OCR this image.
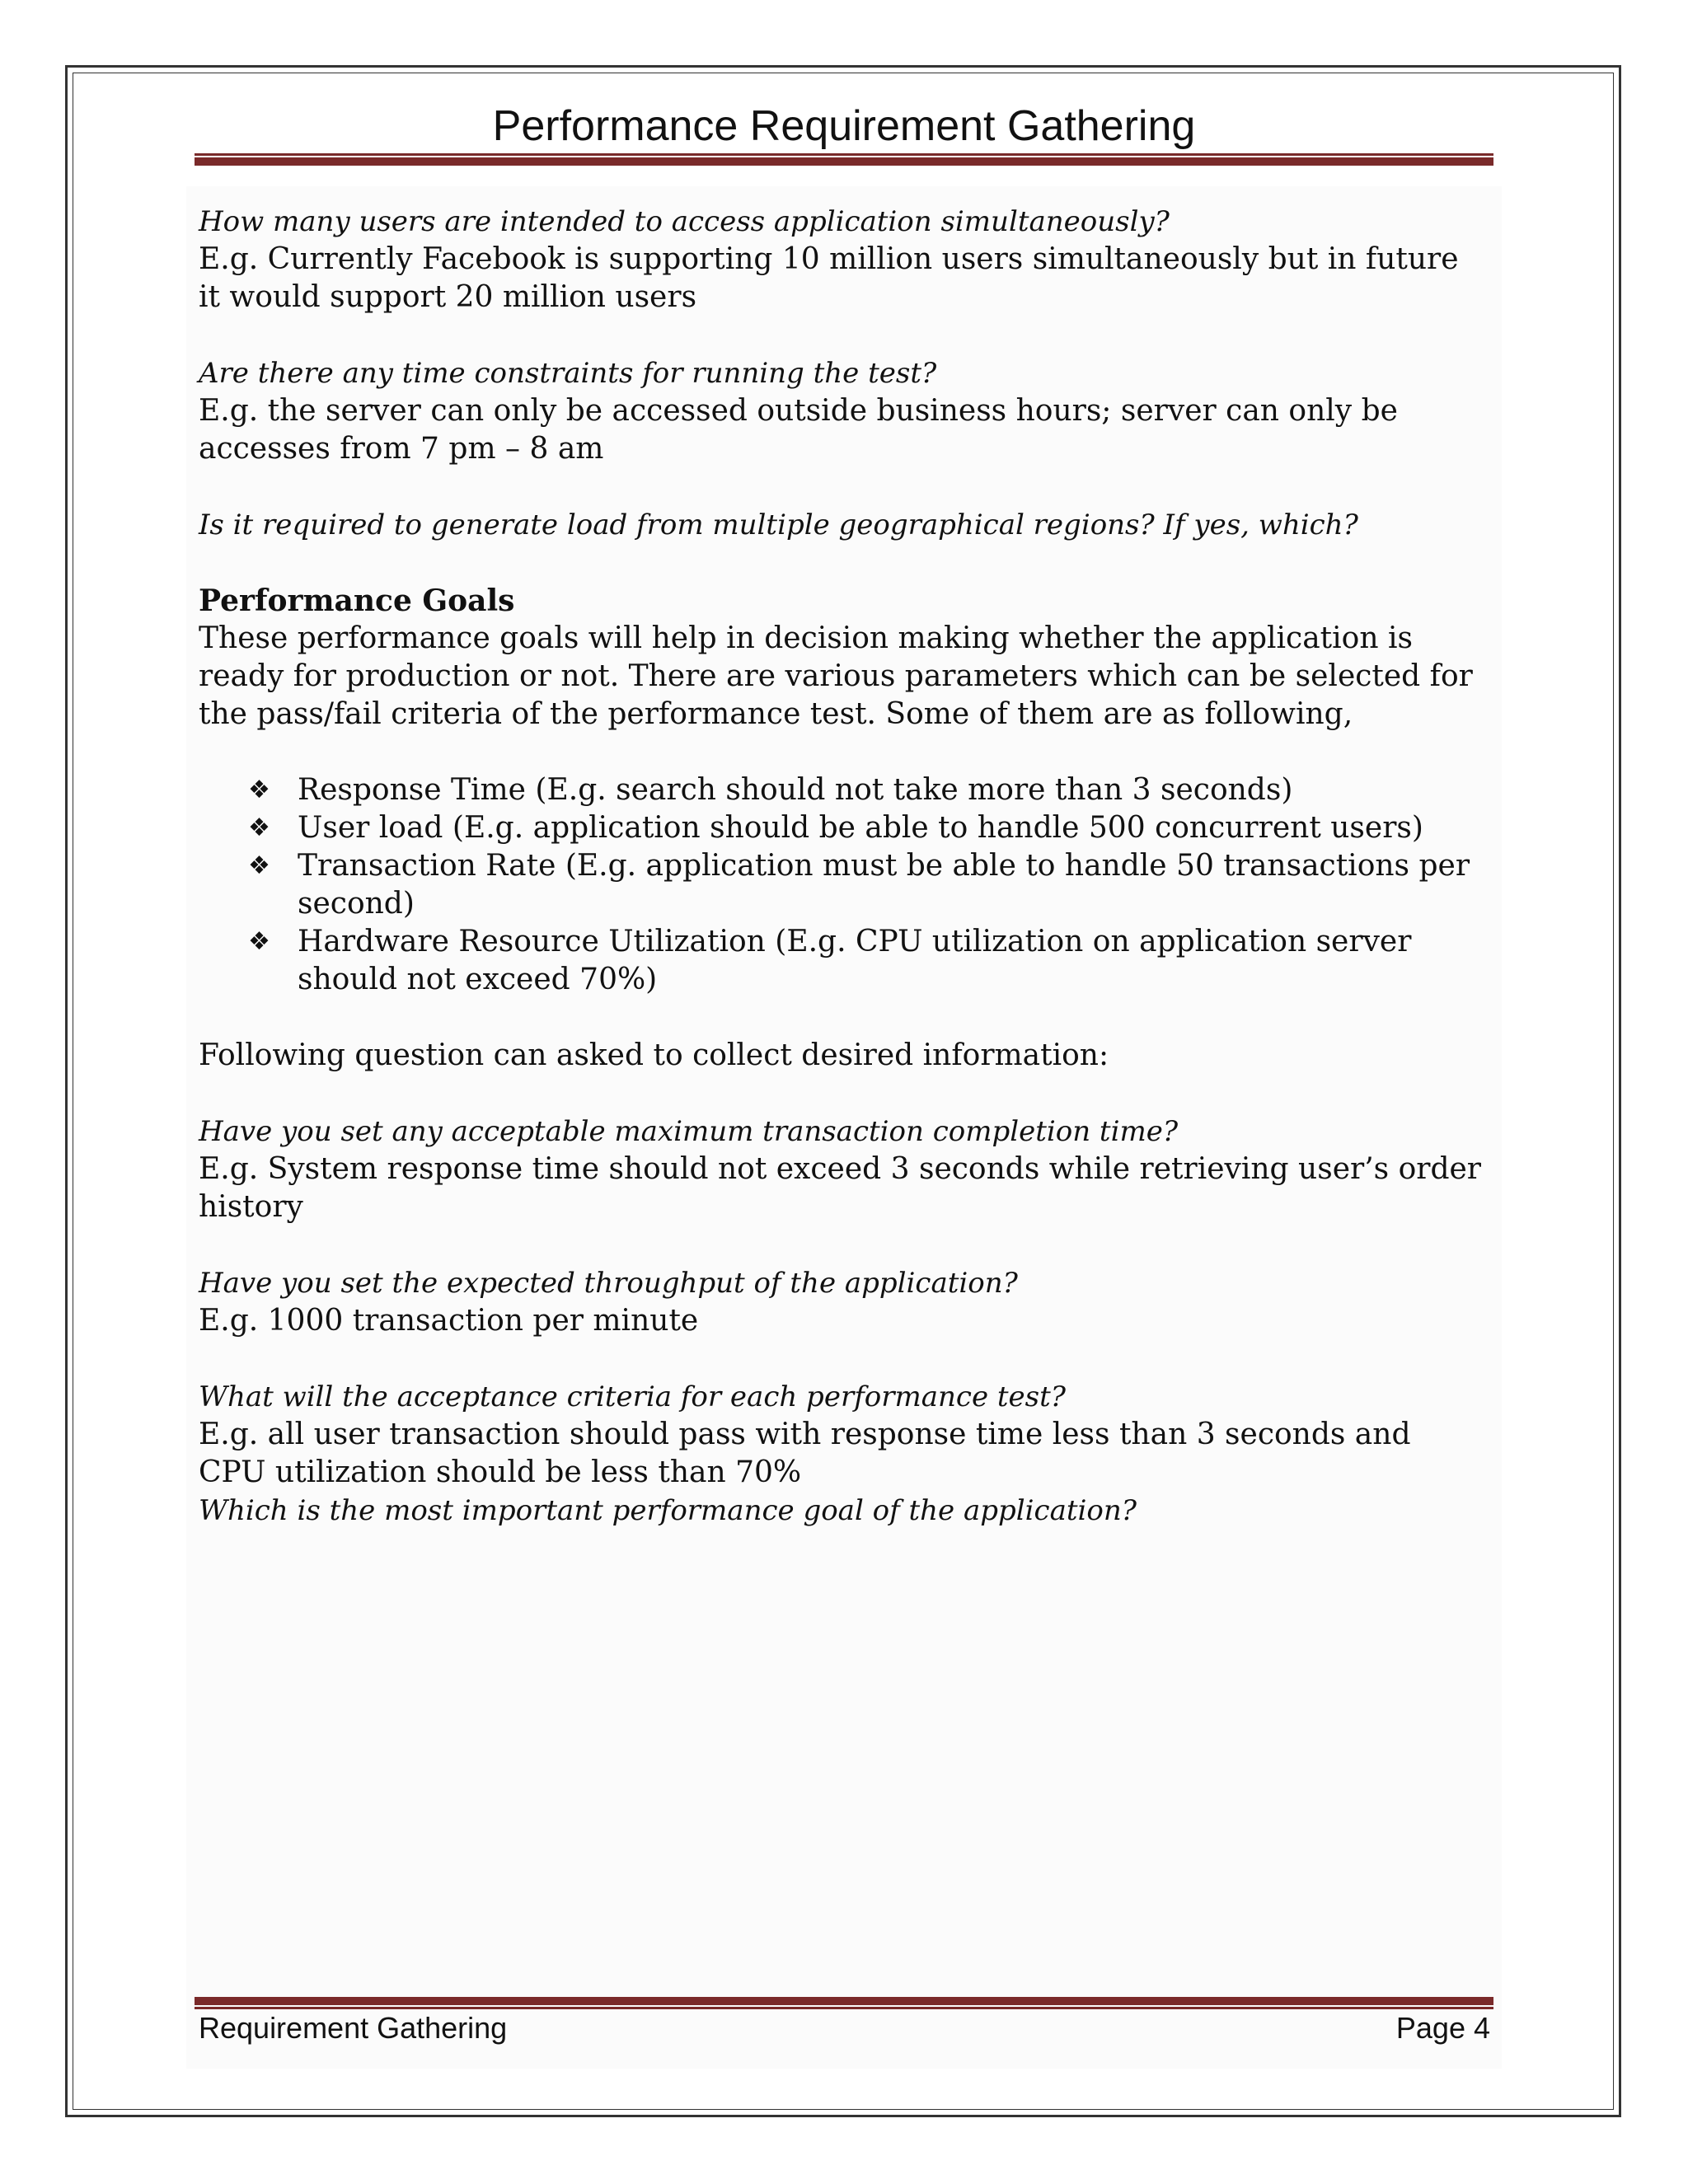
Performance Requirement Gathering
How many users are intended to access application simultaneously?
E.g. Currently Facebook is supporting 10 million users simultaneously but in future it would support 20 million users
Are there any time constraints for running the test?
E.g. the server can only be accessed outside business hours; server can only be accesses from 7 pm – 8 am
Is it required to generate load from multiple geographical regions? If yes, which?
Performance Goals
These performance goals will help in decision making whether the application is ready for production or not. There are various parameters which can be selected for the pass/fail criteria of the performance test. Some of them are as following,
❖ Response Time (E.g. search should not take more than 3 seconds)
❖ User load (E.g. application should be able to handle 500 concurrent users)
❖ Transaction Rate (E.g. application must be able to handle 50 transactions per second)
❖ Hardware Resource Utilization (E.g. CPU utilization on application server should not exceed 70%)
Following question can asked to collect desired information:
Have you set any acceptable maximum transaction completion time?
E.g. System response time should not exceed 3 seconds while retrieving user’s order history
Have you set the expected throughput of the application?
E.g. 1000 transaction per minute
What will the acceptance criteria for each performance test?
E.g. all user transaction should pass with response time less than 3 seconds and CPU utilization should be less than 70%
Which is the most important performance goal of the application?
Requirement Gathering	Page 4
